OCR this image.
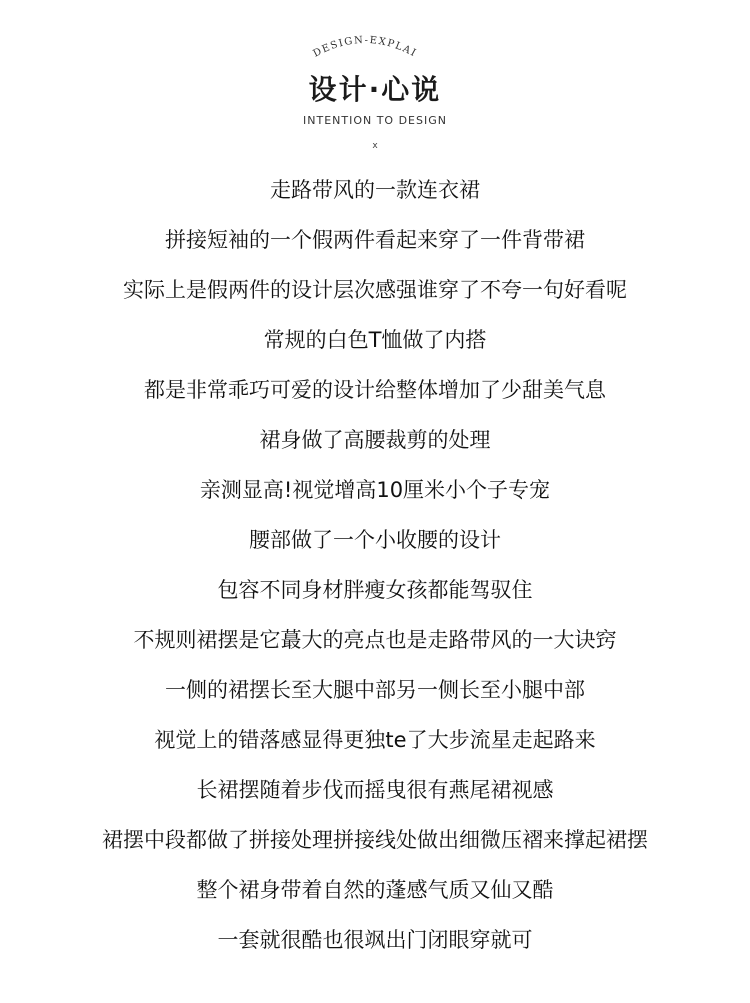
DESIGN-EXPLAI
设计·心说
INTENTION TO DESIGN
x
走路带风的一款连衣裙
拼接短袖的一个假两件看起来穿了一件背带裙
实际上是假两件的设计层次感强谁穿了不夸一句好看呢
常规的白色T恤做了内搭
都是非常乖巧可爱的设计给整体增加了少甜美气息
裙身做了高腰裁剪的处理
亲测显高!视觉增高10厘米小个子专宠
腰部做了一个小收腰的设计
包容不同身材胖瘦女孩都能驾驭住
不规则裙摆是它蕞大的亮点也是走路带风的一大诀窍
一侧的裙摆长至大腿中部另一侧长至小腿中部
视觉上的错落感显得更独te了大步流星走起路来
长裙摆随着步伐而摇曳很有燕尾裙视感
裙摆中段都做了拼接处理拼接线处做出细微压褶来撑起裙摆
整个裙身带着自然的蓬感气质又仙又酷
一套就很酷也很飒出门闭眼穿就可
